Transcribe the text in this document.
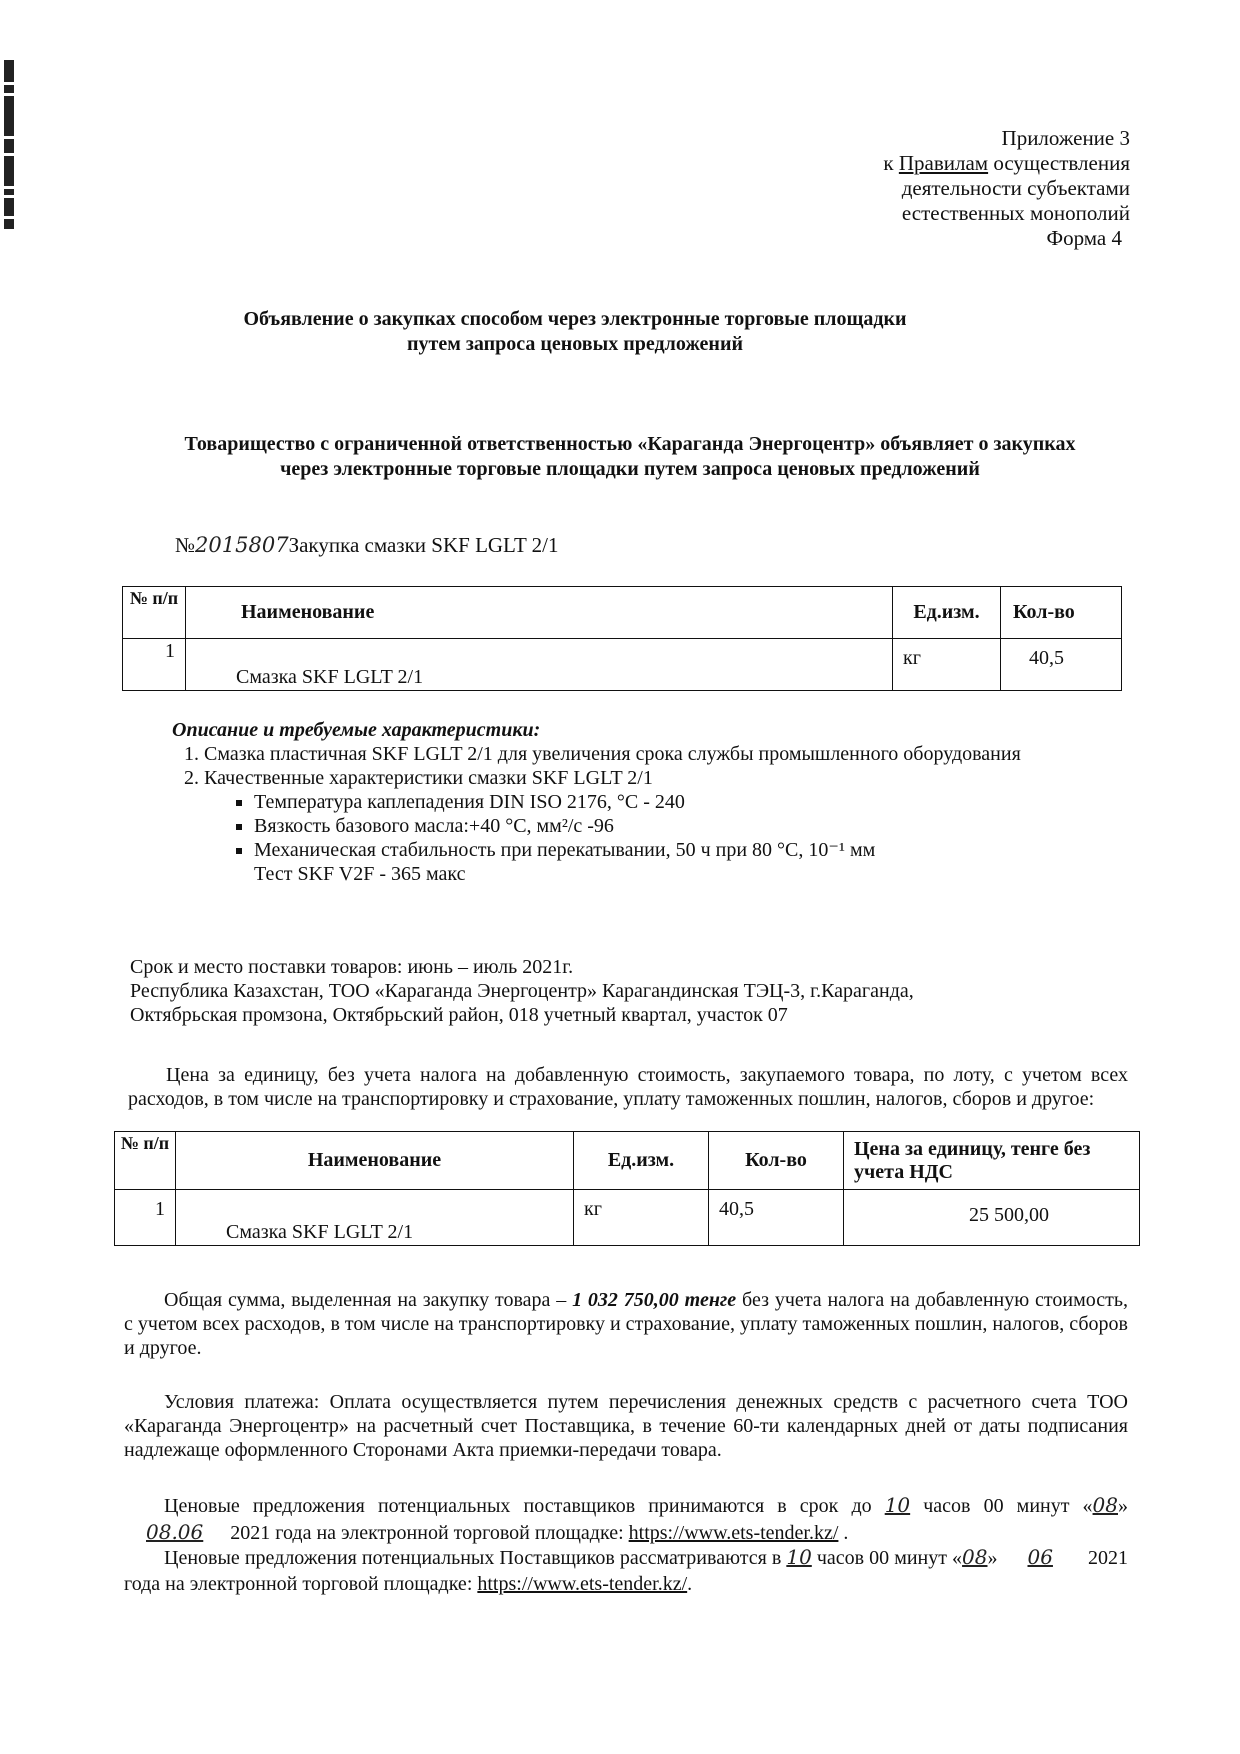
Приложение 3
к Правилам осуществления
деятельности субъектами
естественных монополий
Форма 4
Объявление о закупках способом через электронные торговые площадки путем запроса ценовых предложений
Товарищество с ограниченной ответственностью «Караганда Энергоцентр» объявляет о закупках через электронные торговые площадки путем запроса ценовых предложений
№2015807Закупка смазки SKF LGLT 2/1
№ п/п	Наименование	Ед.изм.	Кол-во
1	Смазка SKF LGLT 2/1	кг	40,5
Описание и требуемые характеристики:
1. Смазка пластичная SKF LGLT 2/1 для увеличения срока службы промышленного оборудования
2. Качественные характеристики смазки SKF LGLT 2/1
▪ Температура каплепадения DIN ISO 2176, °С - 240
▪ Вязкость базового масла:+40 °С, мм²/с -96
▪ Механическая стабильность при перекатывании, 50 ч при 80 °С, 10⁻¹ мм
Тест SKF V2F - 365 макс
Срок и место поставки товаров: июнь – июль 2021г.
Республика Казахстан, ТОО «Караганда Энергоцентр» Карагандинская ТЭЦ-3, г.Караганда,
Октябрьская промзона, Октябрьский район, 018 учетный квартал, участок 07
Цена за единицу, без учета налога на добавленную стоимость, закупаемого товара, по лоту, с учетом всех расходов, в том числе на транспортировку и страхование, уплату таможенных пошлин, налогов, сборов и другое:
№ п/п	Наименование	Ед.изм.	Кол-во	Цена за единицу, тенге без учета НДС
1	Смазка SKF LGLT 2/1	кг	40,5	25 500,00
Общая сумма, выделенная на закупку товара – 1 032 750,00 тенге без учета налога на добавленную стоимость, с учетом всех расходов, в том числе на транспортировку и страхование, уплату таможенных пошлин, налогов, сборов и другое.
Условия платежа: Оплата осуществляется путем перечисления денежных средств с расчетного счета ТОО «Караганда Энергоцентр» на расчетный счет Поставщика, в течение 60-ти календарных дней от даты подписания надлежаще оформленного Сторонами Акта приемки-передачи товара.
Ценовые предложения потенциальных поставщиков принимаются в срок до 10 часов 00 минут «08» 08.06 2021 года на электронной торговой площадке: https://www.ets-tender.kz/ .
Ценовые предложения потенциальных Поставщиков рассматриваются в 10 часов 00 минут «08» 06 2021 года на электронной торговой площадке: https://www.ets-tender.kz/.
